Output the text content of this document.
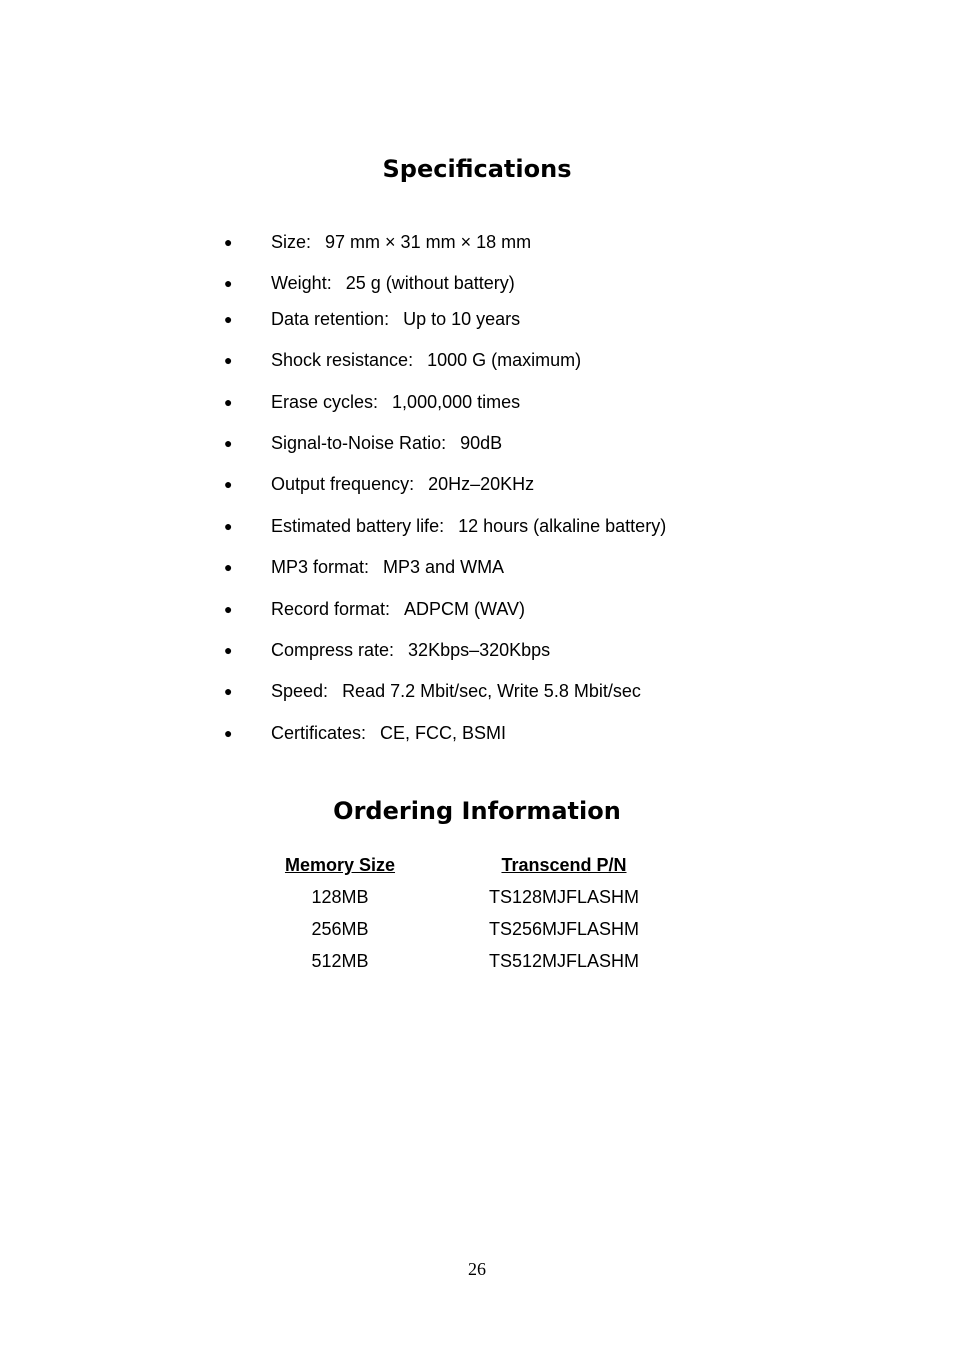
Specifications
● Size: 97 mm × 31 mm × 18 mm
● Weight: 25 g (without battery)
● Data retention: Up to 10 years
● Shock resistance: 1000 G (maximum)
● Erase cycles: 1,000,000 times
● Signal-to-Noise Ratio: 90dB
● Output frequency: 20Hz–20KHz
● Estimated battery life: 12 hours (alkaline battery)
● MP3 format: MP3 and WMA
● Record format: ADPCM (WAV)
● Compress rate: 32Kbps–320Kbps
● Speed: Read 7.2 Mbit/sec, Write 5.8 Mbit/sec
● Certificates: CE, FCC, BSMI
Ordering Information
Memory Size	Transcend P/N
128MB	TS128MJFLASHM
256MB	TS256MJFLASHM
512MB	TS512MJFLASHM
26
